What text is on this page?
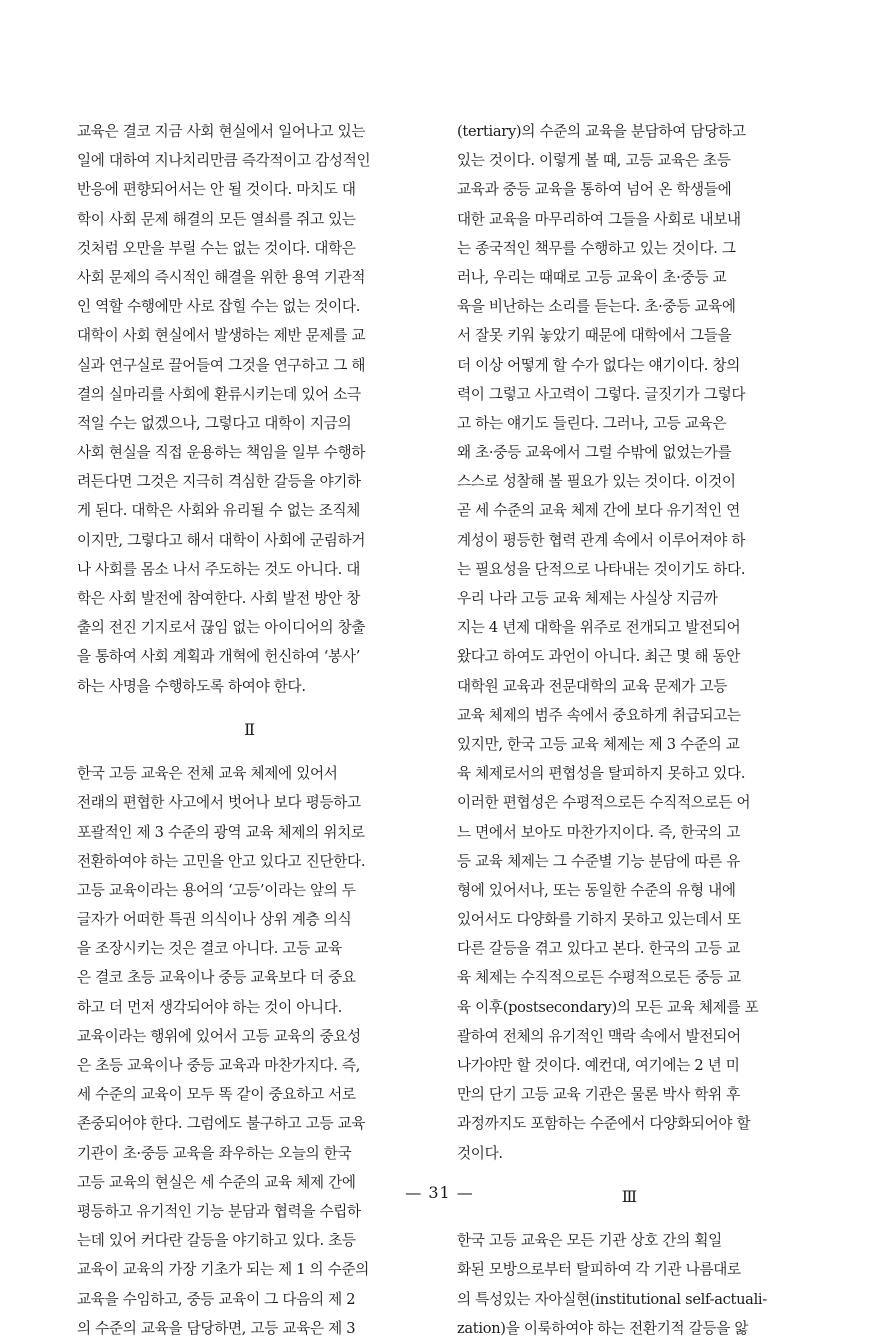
교육은 결코 지금 사회 현실에서 일어나고 있는
일에 대하여 지나치리만큼 즉각적이고 감성적인
반응에 편향되어서는 안 될 것이다. 마치도 대
학이 사회 문제 해결의 모든 열쇠를 쥐고 있는
것처럼 오만을 부릴 수는 없는 것이다. 대학은
사회 문제의 즉시적인 해결을 위한 용역 기관적
인 역할 수행에만 사로 잡힐 수는 없는 것이다.
대학이 사회 현실에서 발생하는 제반 문제를 교
실과 연구실로 끌어들여 그것을 연구하고 그 해
결의 실마리를 사회에 환류시키는데 있어 소극
적일 수는 없겠으나, 그렇다고 대학이 지금의
사회 현실을 직접 운용하는 책임을 일부 수행하
려든다면 그것은 지극히 격심한 갈등을 야기하
게 된다. 대학은 사회와 유리될 수 없는 조직체
이지만, 그렇다고 해서 대학이 사회에 군림하거
나 사회를 몸소 나서 주도하는 것도 아니다. 대
학은 사회 발전에 참여한다. 사회 발전 방안 창
출의 전진 기지로서 끊임 없는 아이디어의 창출
을 통하여 사회 계획과 개혁에 헌신하여 ‘봉사’
하는 사명을 수행하도록 하여야 한다.
Ⅱ
한국 고등 교육은 전체 교육 체제에 있어서
전래의 편협한 사고에서 벗어나 보다 평등하고
포괄적인 제 3 수준의 광역 교육 체제의 위치로
전환하여야 하는 고민을 안고 있다고 진단한다.
고등 교육이라는 용어의 ‘고등’이라는 앞의 두
글자가 어떠한 특권 의식이나 상위 계층 의식
을 조장시키는 것은 결코 아니다. 고등 교육
은 결코 초등 교육이나 중등 교육보다 더 중요
하고 더 먼저 생각되어야 하는 것이 아니다.
교육이라는 행위에 있어서 고등 교육의 중요성
은 초등 교육이나 중등 교육과 마찬가지다. 즉,
세 수준의 교육이 모두 똑 같이 중요하고 서로
존중되어야 한다. 그럼에도 불구하고 고등 교육
기관이 초·중등 교육을 좌우하는 오늘의 한국
고등 교육의 현실은 세 수준의 교육 체제 간에
평등하고 유기적인 기능 분담과 협력을 수립하
는데 있어 커다란 갈등을 야기하고 있다. 초등
교육이 교육의 가장 기초가 되는 제 1 의 수준의
교육을 수임하고, 중등 교육이 그 다음의 제 2
의 수준의 교육을 담당하면, 고등 교육은 제 3
(tertiary)의 수준의 교육을 분담하여 담당하고
있는 것이다. 이렇게 볼 때, 고등 교육은 초등
교육과 중등 교육을 통하여 넘어 온 학생들에
대한 교육을 마무리하여 그들을 사회로 내보내
는 종국적인 책무를 수행하고 있는 것이다. 그
러나, 우리는 때때로 고등 교육이 초·중등 교
육을 비난하는 소리를 듣는다. 초·중등 교육에
서 잘못 키워 놓았기 때문에 대학에서 그들을
더 이상 어떻게 할 수가 없다는 얘기이다. 창의
력이 그렇고 사고력이 그렇다. 글짓기가 그렇다
고 하는 얘기도 들린다. 그러나, 고등 교육은
왜 초·중등 교육에서 그럴 수밖에 없었는가를
스스로 성찰해 볼 필요가 있는 것이다. 이것이
곧 세 수준의 교육 체제 간에 보다 유기적인 연
계성이 평등한 협력 관계 속에서 이루어져야 하
는 필요성을 단적으로 나타내는 것이기도 하다.
우리 나라 고등 교육 체제는 사실상 지금까
지는 4 년제 대학을 위주로 전개되고 발전되어
왔다고 하여도 과언이 아니다. 최근 몇 해 동안
대학원 교육과 전문대학의 교육 문제가 고등
교육 체제의 범주 속에서 중요하게 취급되고는
있지만, 한국 고등 교육 체제는 제 3 수준의 교
육 체제로서의 편협성을 탈피하지 못하고 있다.
이러한 편협성은 수평적으로든 수직적으로든 어
느 면에서 보아도 마찬가지이다. 즉, 한국의 고
등 교육 체제는 그 수준별 기능 분담에 따른 유
형에 있어서나, 또는 동일한 수준의 유형 내에
있어서도 다양화를 기하지 못하고 있는데서 또
다른 갈등을 겪고 있다고 본다. 한국의 고등 교
육 체제는 수직적으로든 수평적으로든 중등 교
육 이후(postsecondary)의 모든 교육 체제를 포
괄하여 전체의 유기적인 맥락 속에서 발전되어
나가야만 할 것이다. 예컨대, 여기에는 2 년 미
만의 단기 고등 교육 기관은 물론 박사 학위 후
과정까지도 포함하는 수준에서 다양화되어야 할
것이다.
Ⅲ
한국 고등 교육은 모든 기관 상호 간의 획일
화된 모방으로부터 탈피하여 각 기관 나름대로
의 특성있는 자아실현(institutional self-actuali-
zation)을 이룩하여야 하는 전환기적 갈등을 앓
— 31 —
